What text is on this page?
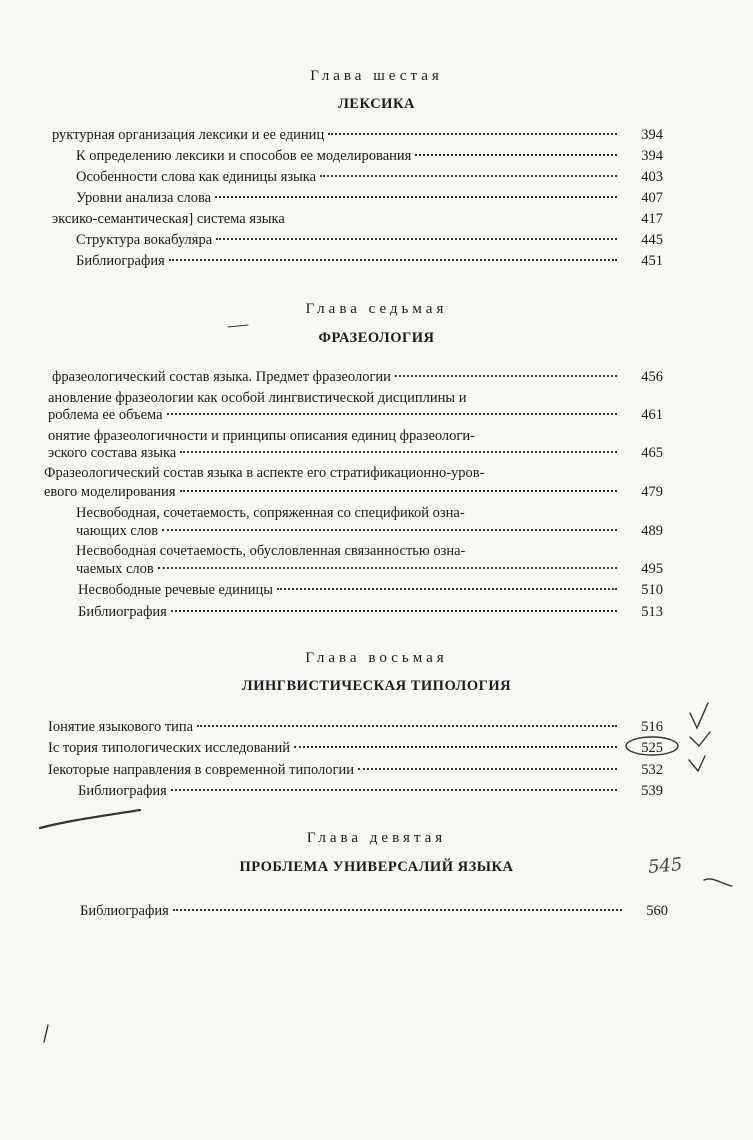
Глава шестая
ЛЕКСИКА
руктурная организация лексики и ее единиц	394
К определению лексики и способов ее моделирования	394
Особенности слова как единицы языка	403
Уровни анализа слова	407
эксико-семантическая] система языка	417
Структура вокабуляра	445
Библиография	451
Глава седьмая
ФРАЗЕОЛОГИЯ
фразеологический состав языка. Предмет фразеологии	456
ановление фразеологии как особой лингвистической дисциплины и
роблема ее объема	461
онятие фразеологичности и принципы описания единиц фразеологи-
эского состава языка	465
Фразеологический состав языка в аспекте его стратификационно-уров-
евого моделирования	479
Несвободная, сочетаемость, сопряженная со спецификой озна-
чающих слов	489
Несвободная сочетаемость, обусловленная связанностью озна-
чаемых слов	495
Несвободные речевые единицы	510
Библиография	513
Глава восьмая
ЛИНГВИСТИЧЕСКАЯ ТИПОЛОГИЯ
Іонятие языкового типа	516
Іс тория типологических исследований	525
Іекоторые направления в современной типологии	532
Библиография	539
Глава девятая
ПРОБЛЕМА УНИВЕРСАЛИЙ ЯЗЫКА
Библиография	560
545
